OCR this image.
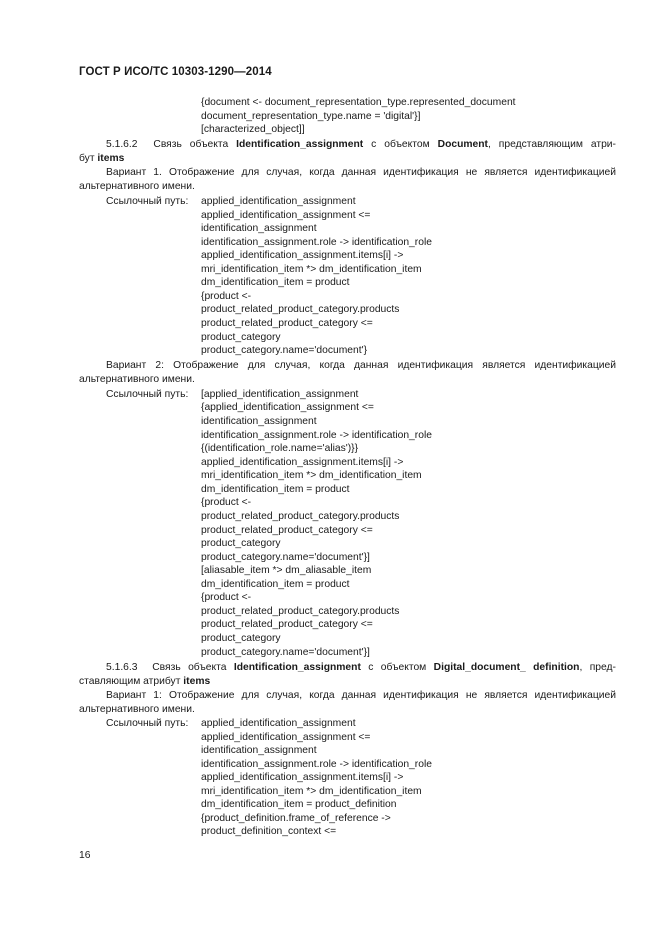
ГОСТ Р ИСО/ТС 10303-1290—2014
{document <- document_representation_type.represented_document
document_representation_type.name = 'digital'}]
[characterized_object]]
5.1.6.2 Связь объекта Identification_assignment с объектом Document, представляющим атри-
бут items
Вариант 1. Отображение для случая, когда данная идентификация не является идентификацией
альтернативного имени.
Ссылочный путь: applied_identification_assignment
applied_identification_assignment <=
identification_assignment
identification_assignment.role -> identification_role
applied_identification_assignment.items[i] ->
mri_identification_item *> dm_identification_item
dm_identification_item = product
{product <-
product_related_product_category.products
product_related_product_category <=
product_category
product_category.name='document'}
Вариант 2: Отображение для случая, когда данная идентификация является идентификацией
альтернативного имени.
Ссылочный путь: [applied_identification_assignment
{applied_identification_assignment <=
identification_assignment
identification_assignment.role -> identification_role
{(identification_role.name='alias')}}
applied_identification_assignment.items[i] ->
mri_identification_item *> dm_identification_item
dm_identification_item = product
{product <-
product_related_product_category.products
product_related_product_category <=
product_category
product_category.name='document'}]
[aliasable_item *> dm_aliasable_item
dm_identification_item = product
{product <-
product_related_product_category.products
product_related_product_category <=
product_category
product_category.name='document'}]
5.1.6.3 Связь объекта Identification_assignment с объектом Digital_document_ definition, пред-
ставляющим атрибут items
Вариант 1: Отображение для случая, когда данная идентификация не является идентификацией
альтернативного имени.
Ссылочный путь: applied_identification_assignment
applied_identification_assignment <=
identification_assignment
identification_assignment.role -> identification_role
applied_identification_assignment.items[i] ->
mri_identification_item *> dm_identification_item
dm_identification_item = product_definition
{product_definition.frame_of_reference ->
product_definition_context <=
16
